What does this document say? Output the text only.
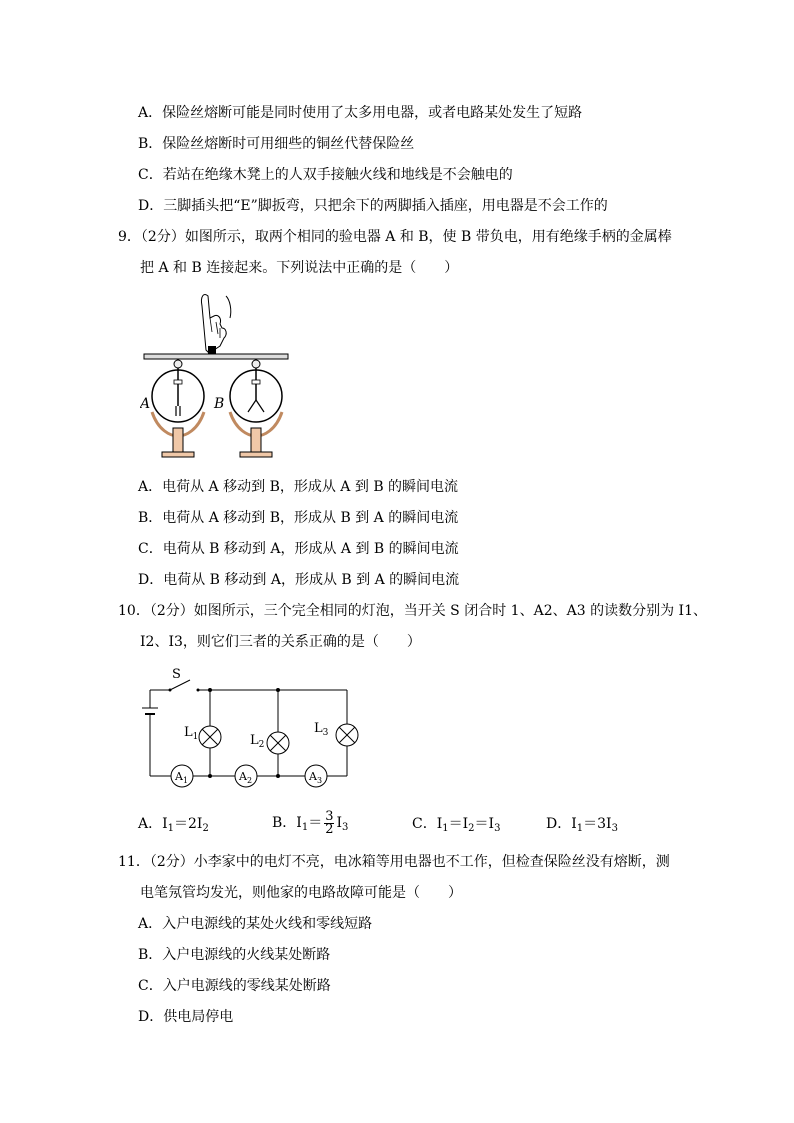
A．保险丝熔断可能是同时使用了太多用电器，或者电路某处发生了短路
B．保险丝熔断时可用细些的铜丝代替保险丝
C．若站在绝缘木凳上的人双手接触火线和地线是不会触电的
D．三脚插头把“E”脚扳弯，只把余下的两脚插入插座，用电器是不会工作的
9．（2分）如图所示，取两个相同的验电器 A 和 B，使 B 带负电，用有绝缘手柄的金属棒
把 A 和 B 连接起来。下列说法中正确的是（　　）
A	B
A．电荷从 A 移动到 B，形成从 A 到 B 的瞬间电流
B．电荷从 A 移动到 B，形成从 B 到 A 的瞬间电流
C．电荷从 B 移动到 A，形成从 A 到 B 的瞬间电流
D．电荷从 B 移动到 A，形成从 B 到 A 的瞬间电流
10．（2分）如图所示，三个完全相同的灯泡，当开关 S 闭合时 1、A2、A3 的读数分别为 I1、
I2、I3，则它们三者的关系正确的是（　　）
S
$L_1$	$L_2$
$L_3$
$A_1$	$A_2$	$A_3$
A．$I_1=2I_2$	B．$I_1= \frac{3}{2} I_3$	C．$I_1=I_2=I_3$	D．$I_1=3I_3$
11．（2分）小李家中的电灯不亮，电冰箱等用电器也不工作，但检查保险丝没有熔断，测
电笔氖管均发光，则他家的电路故障可能是（　　）
A．入户电源线的某处火线和零线短路
B．入户电源线的火线某处断路
C．入户电源线的零线某处断路
D．供电局停电
